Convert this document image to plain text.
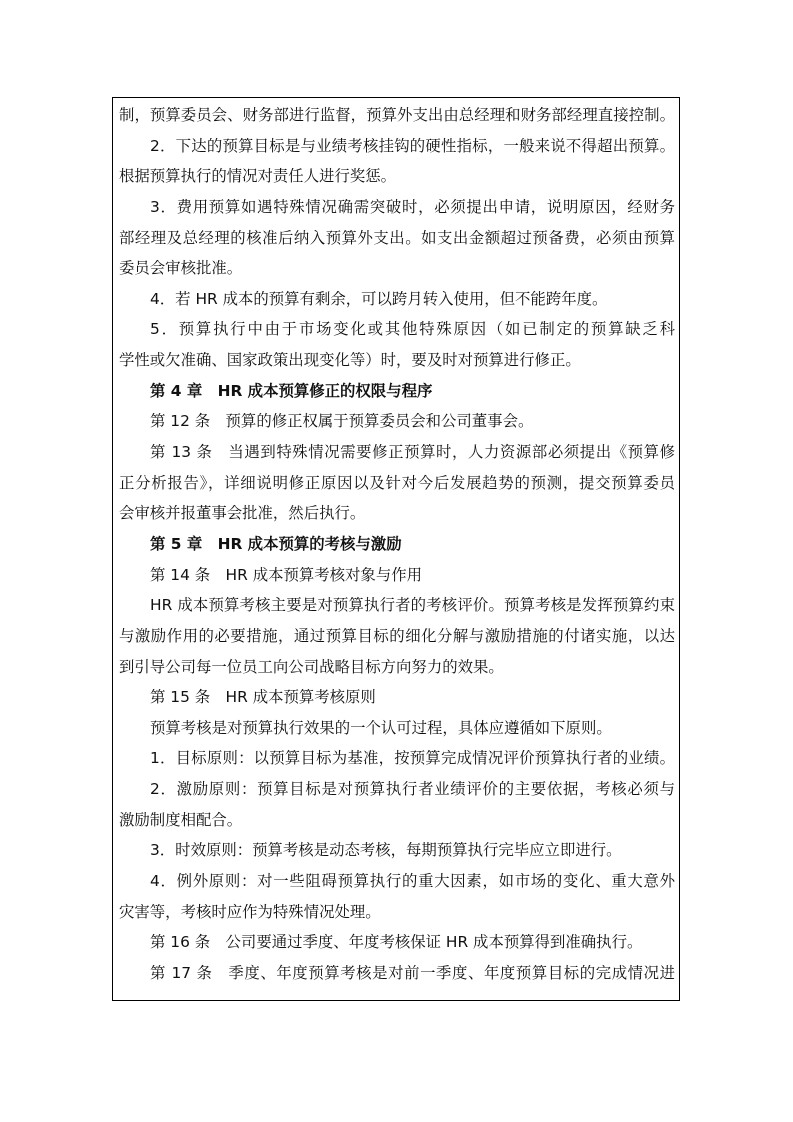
制，预算委员会、财务部进行监督，预算外支出由总经理和财务部经理直接控制。
2．下达的预算目标是与业绩考核挂钩的硬性指标，一般来说不得超出预算。
根据预算执行的情况对责任人进行奖惩。
3．费用预算如遇特殊情况确需突破时，必须提出申请，说明原因，经财务
部经理及总经理的核准后纳入预算外支出。如支出金额超过预备费，必须由预算
委员会审核批准。
4．若 HR 成本的预算有剩余，可以跨月转入使用，但不能跨年度。
5．预算执行中由于市场变化或其他特殊原因（如已制定的预算缺乏科
学性或欠准确、国家政策出现变化等）时，要及时对预算进行修正。
第 4 章　HR 成本预算修正的权限与程序
第 12 条　预算的修正权属于预算委员会和公司董事会。
第 13 条　当遇到特殊情况需要修正预算时，人力资源部必须提出《预算修
正分析报告》，详细说明修正原因以及针对今后发展趋势的预测，提交预算委员
会审核并报董事会批准，然后执行。
第 5 章　HR 成本预算的考核与激励
第 14 条　HR 成本预算考核对象与作用
HR 成本预算考核主要是对预算执行者的考核评价。预算考核是发挥预算约束
与激励作用的必要措施，通过预算目标的细化分解与激励措施的付诸实施，以达
到引导公司每一位员工向公司战略目标方向努力的效果。
第 15 条　HR 成本预算考核原则
预算考核是对预算执行效果的一个认可过程，具体应遵循如下原则。
1．目标原则：以预算目标为基准，按预算完成情况评价预算执行者的业绩。
2．激励原则：预算目标是对预算执行者业绩评价的主要依据，考核必须与
激励制度相配合。
3．时效原则：预算考核是动态考核，每期预算执行完毕应立即进行。
4．例外原则：对一些阻碍预算执行的重大因素，如市场的变化、重大意外
灾害等，考核时应作为特殊情况处理。
第 16 条　公司要通过季度、年度考核保证 HR 成本预算得到准确执行。
第 17 条　季度、年度预算考核是对前一季度、年度预算目标的完成情况进
